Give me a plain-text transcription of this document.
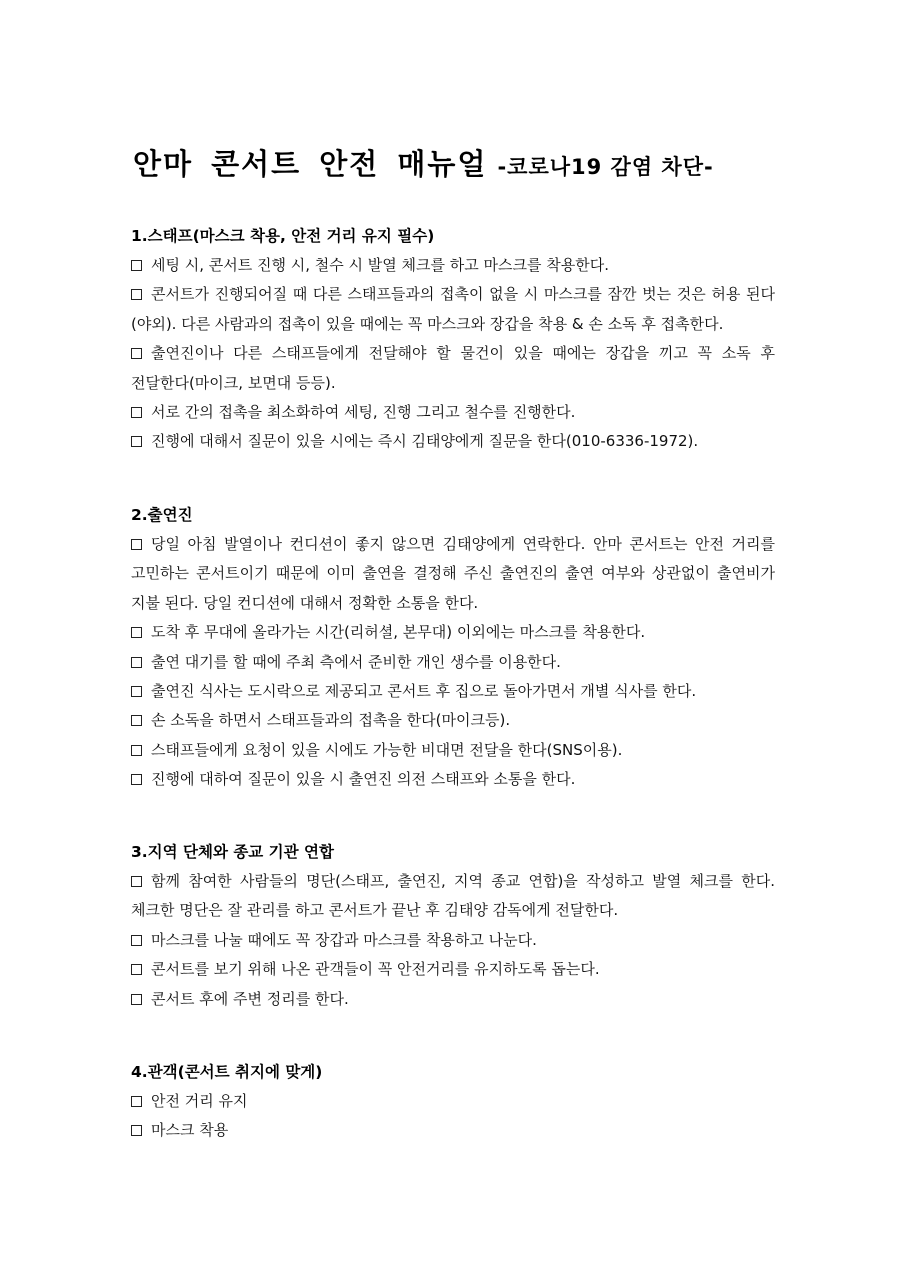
안마 콘서트 안전 매뉴얼 -코로나19 감염 차단-

1.스태프(마스크 착용, 안전 거리 유지 필수)

세팅 시, 콘서트 진행 시, 철수 시 발열 체크를 하고 마스크를 착용한다.

콘서트가 진행되어질 때 다른 스태프들과의 접촉이 없을 시 마스크를 잠깐 벗는 것은 허용 된다(야외). 다른 사람과의 접촉이 있을 때에는 꼭 마스크와 장갑을 착용 & 손 소독 후 접촉한다.

출연진이나 다른 스태프들에게 전달해야 할 물건이 있을 때에는 장갑을 끼고 꼭 소독 후 전달한다(마이크, 보면대 등등).

서로 간의 접촉을 최소화하여 세팅, 진행 그리고 철수를 진행한다.

진행에 대해서 질문이 있을 시에는 즉시 김태양에게 질문을 한다(010-6336-1972).

2.출연진

당일 아침 발열이나 컨디션이 좋지 않으면 김태양에게 연락한다. 안마 콘서트는 안전 거리를 고민하는 콘서트이기 때문에 이미 출연을 결정해 주신 출연진의 출연 여부와 상관없이 출연비가 지불 된다. 당일 컨디션에 대해서 정확한 소통을 한다.

도착 후 무대에 올라가는 시간(리허셜, 본무대) 이외에는 마스크를 착용한다.

출연 대기를 할 때에 주최 측에서 준비한 개인 생수를 이용한다.

출연진 식사는 도시락으로 제공되고 콘서트 후 집으로 돌아가면서 개별 식사를 한다.

손 소독을 하면서 스태프들과의 접촉을 한다(마이크등).

스태프들에게 요청이 있을 시에도 가능한 비대면 전달을 한다(SNS이용).

진행에 대하여 질문이 있을 시 출연진 의전 스태프와 소통을 한다.

3.지역 단체와 종교 기관 연합

함께 참여한 사람들의 명단(스태프, 출연진, 지역 종교 연합)을 작성하고 발열 체크를 한다. 체크한 명단은 잘 관리를 하고 콘서트가 끝난 후 김태양 감독에게 전달한다.

마스크를 나눌 때에도 꼭 장갑과 마스크를 착용하고 나눈다.

콘서트를 보기 위해 나온 관객들이 꼭 안전거리를 유지하도록 돕는다.

콘서트 후에 주변 정리를 한다.

4.관객(콘서트 취지에 맞게)

안전 거리 유지

마스크 착용
